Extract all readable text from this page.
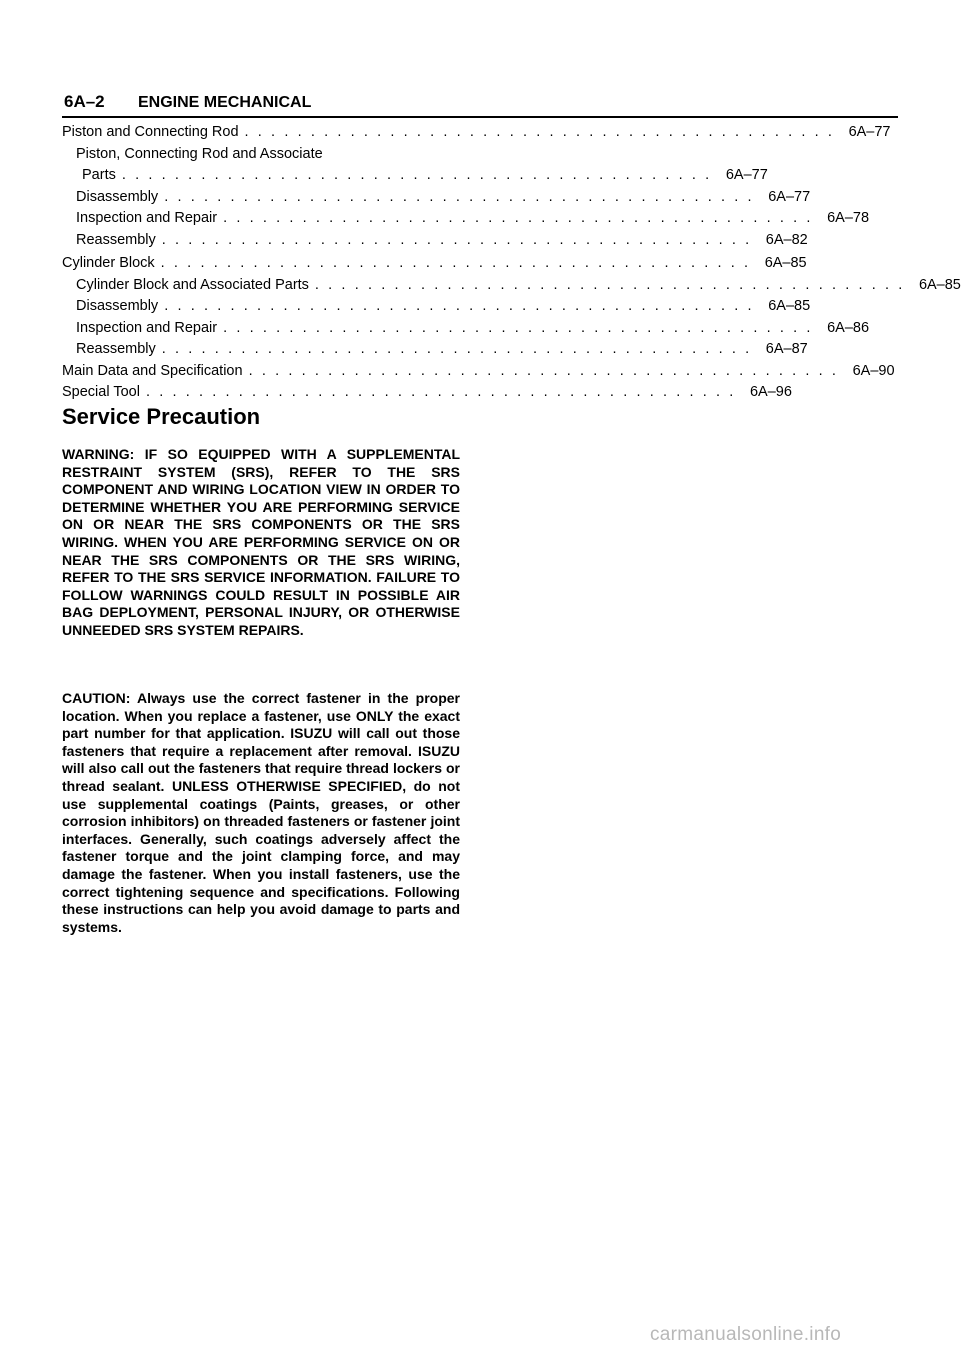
6A–2 ENGINE MECHANICAL
Piston and Connecting Rod . . . . . . . . . . . . . . . . . . . . . . . . . . . . . . . . . . . . . . . . . . . . . 6A–77
Piston, Connecting Rod and Associate
Parts . . . . . . . . . . . . . . . . . . . . . . . . . . . . . . . . . . . . . . . . . . . . . 6A–77
Disassembly . . . . . . . . . . . . . . . . . . . . . . . . . . . . . . . . . . . . . . . . . . . . . 6A–77
Inspection and Repair . . . . . . . . . . . . . . . . . . . . . . . . . . . . . . . . . . . . . . . . . . . . . 6A–78
Reassembly . . . . . . . . . . . . . . . . . . . . . . . . . . . . . . . . . . . . . . . . . . . . . 6A–82
Cylinder Block . . . . . . . . . . . . . . . . . . . . . . . . . . . . . . . . . . . . . . . . . . . . . 6A–85
Cylinder Block and Associated Parts . . . . . . . . . . . . . . . . . . . . . . . . . . . . . . . . . . . . . . . . . . . . . 6A–85
Disassembly . . . . . . . . . . . . . . . . . . . . . . . . . . . . . . . . . . . . . . . . . . . . . 6A–85
Inspection and Repair . . . . . . . . . . . . . . . . . . . . . . . . . . . . . . . . . . . . . . . . . . . . . 6A–86
Reassembly . . . . . . . . . . . . . . . . . . . . . . . . . . . . . . . . . . . . . . . . . . . . . 6A–87
Main Data and Specification . . . . . . . . . . . . . . . . . . . . . . . . . . . . . . . . . . . . . . . . . . . . . 6A–90
Special Tool . . . . . . . . . . . . . . . . . . . . . . . . . . . . . . . . . . . . . . . . . . . . . 6A–96
Service Precaution

WARNING: IF SO EQUIPPED WITH A SUPPLEMENTAL RESTRAINT SYSTEM (SRS), REFER TO THE SRS COMPONENT AND WIRING LOCATION VIEW IN ORDER TO DETERMINE WHETHER YOU ARE PERFORMING SERVICE ON OR NEAR THE SRS COMPONENTS OR THE SRS WIRING. WHEN YOU ARE PERFORMING SERVICE ON OR NEAR THE SRS COMPONENTS OR THE SRS WIRING, REFER TO THE SRS SERVICE INFORMATION. FAILURE TO FOLLOW WARNINGS COULD RESULT IN POSSIBLE AIR BAG DEPLOYMENT, PERSONAL INJURY, OR OTHERWISE UNNEEDED SRS SYSTEM REPAIRS.

CAUTION: Always use the correct fastener in the proper location. When you replace a fastener, use ONLY the exact part number for that application. ISUZU will call out those fasteners that require a replacement after removal. ISUZU will also call out the fasteners that require thread lockers or thread sealant. UNLESS OTHERWISE SPECIFIED, do not use supplemental coatings (Paints, greases, or other corrosion inhibitors) on threaded fasteners or fastener joint interfaces. Generally, such coatings adversely affect the fastener torque and the joint clamping force, and may damage the fastener. When you install fasteners, use the correct tightening sequence and specifications. Following these instructions can help you avoid damage to parts and systems.

carmanualsonline.info
